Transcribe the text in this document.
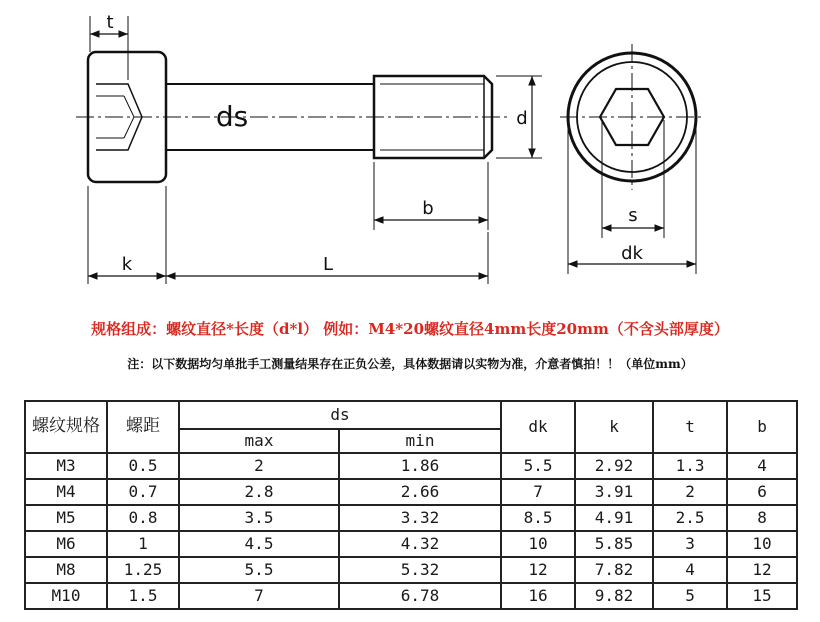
t
ds	d
b
k	L
s
dk
规格组成：螺纹直径*长度（d*l） 例如：M4*20螺纹直径4mm长度20mm（不含头部厚度）
注：以下数据均匀单批手工测量结果存在正负公差，具体数据请以实物为准，介意者慎拍！！（单位mm）
螺纹规格	螺距	ds		dk	k	t	b
		max	min				
M3	0.5	2	1.86	5.5	2.92	1.3	4
M4	0.7	2.8	2.66	7	3.91	2	6
M5	0.8	3.5	3.32	8.5	4.91	2.5	8
M6	1	4.5	4.32	10	5.85	3	10
M8	1.25	5.5	5.32	12	7.82	4	12
M10	1.5	7	6.78	16	9.82	5	15
